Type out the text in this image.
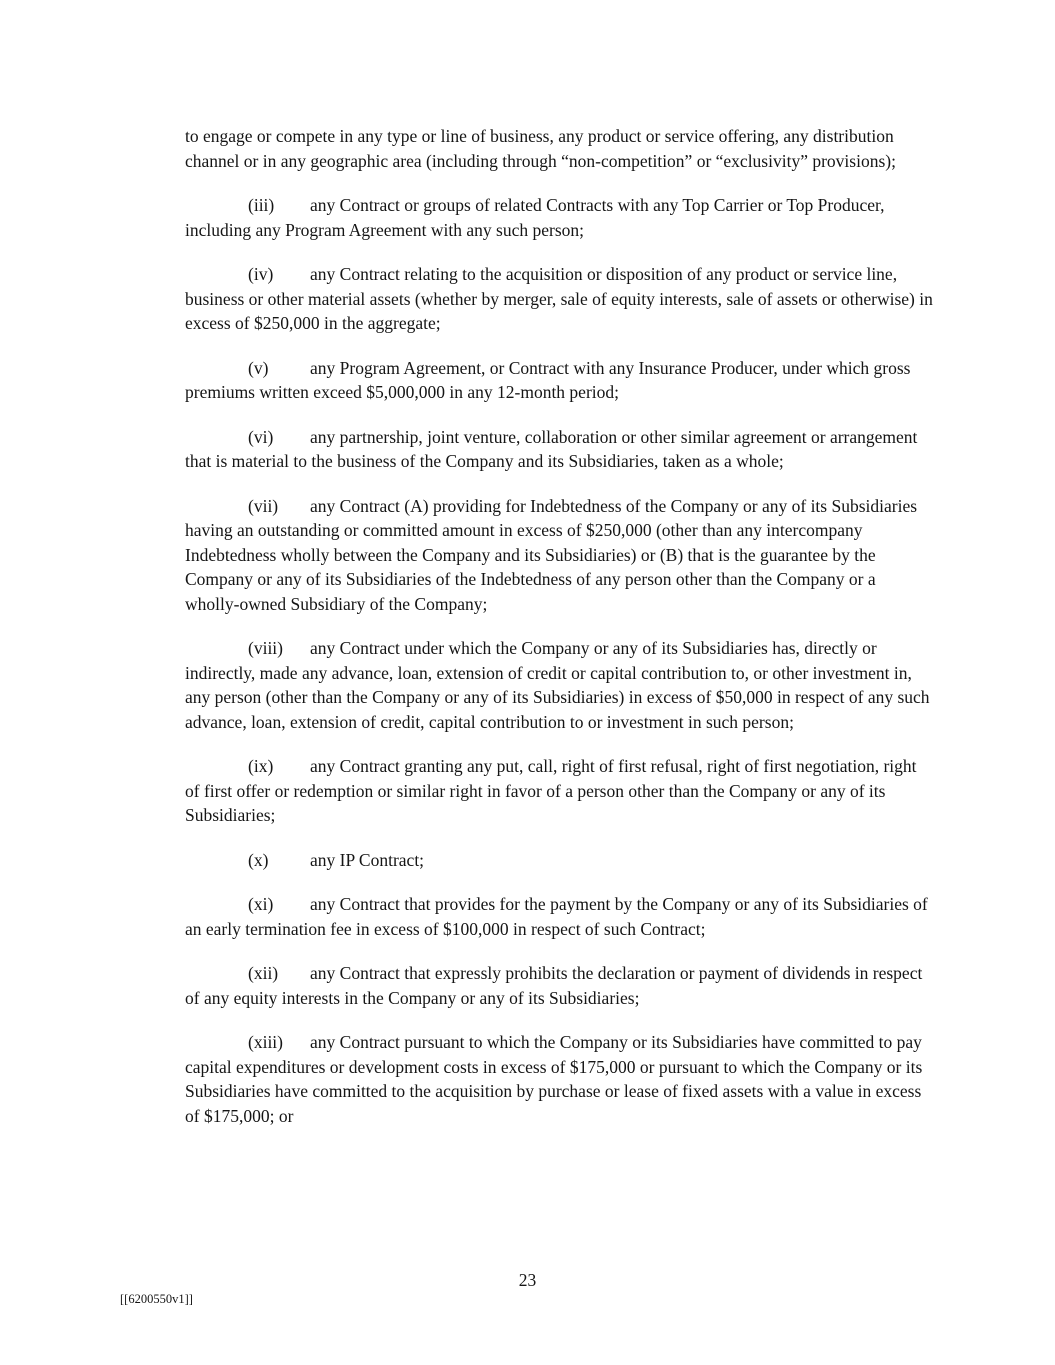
to engage or compete in any type or line of business, any product or service offering, any distribution channel or in any geographic area (including through “non-competition” or “exclusivity” provisions);

(iii) any Contract or groups of related Contracts with any Top Carrier or Top Producer, including any Program Agreement with any such person;

(iv) any Contract relating to the acquisition or disposition of any product or service line, business or other material assets (whether by merger, sale of equity interests, sale of assets or otherwise) in excess of $250,000 in the aggregate;

(v) any Program Agreement, or Contract with any Insurance Producer, under which gross premiums written exceed $5,000,000 in any 12-month period;

(vi) any partnership, joint venture, collaboration or other similar agreement or arrangement that is material to the business of the Company and its Subsidiaries, taken as a whole;

(vii) any Contract (A) providing for Indebtedness of the Company or any of its Subsidiaries having an outstanding or committed amount in excess of $250,000 (other than any intercompany Indebtedness wholly between the Company and its Subsidiaries) or (B) that is the guarantee by the Company or any of its Subsidiaries of the Indebtedness of any person other than the Company or a wholly-owned Subsidiary of the Company;

(viii) any Contract under which the Company or any of its Subsidiaries has, directly or indirectly, made any advance, loan, extension of credit or capital contribution to, or other investment in, any person (other than the Company or any of its Subsidiaries) in excess of $50,000 in respect of any such advance, loan, extension of credit, capital contribution to or investment in such person;

(ix) any Contract granting any put, call, right of first refusal, right of first negotiation, right of first offer or redemption or similar right in favor of a person other than the Company or any of its Subsidiaries;

(x) any IP Contract;

(xi) any Contract that provides for the payment by the Company or any of its Subsidiaries of an early termination fee in excess of $100,000 in respect of such Contract;

(xii) any Contract that expressly prohibits the declaration or payment of dividends in respect of any equity interests in the Company or any of its Subsidiaries;

(xiii) any Contract pursuant to which the Company or its Subsidiaries have committed to pay capital expenditures or development costs in excess of $175,000 or pursuant to which the Company or its Subsidiaries have committed to the acquisition by purchase or lease of fixed assets with a value in excess of $175,000; or

23
[[6200550v1]]
